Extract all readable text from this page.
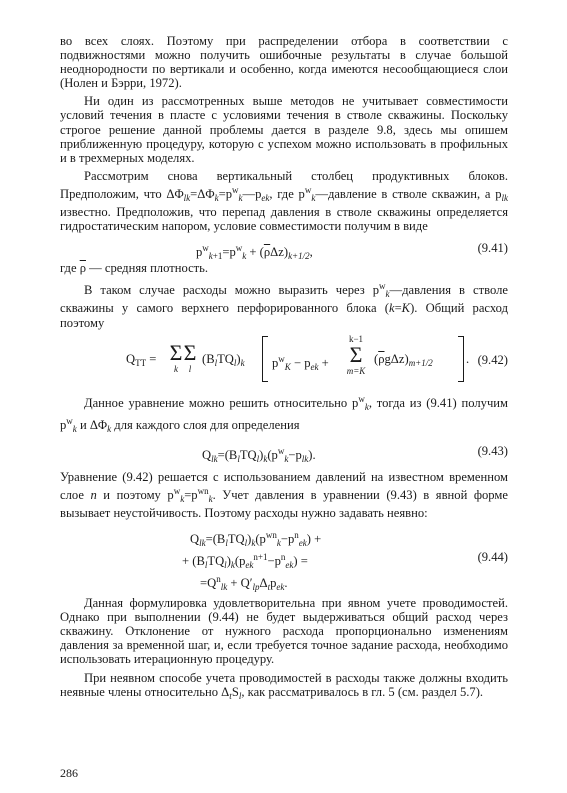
во всех слоях. Поэтому при распределении отбора в соответствии с подвижностями можно получить ошибочные результаты в случае большой неоднородности по вертикали и особенно, когда имеются несообщающиеся слои (Нолен и Бэрри, 1972).

Ни один из рассмотренных выше методов не учитывает совместимости условий течения в пласте с условиями течения в стволе скважины. Поскольку строгое решение данной проблемы дается в разделе 9.8, здесь мы опишем приближенную процедуру, которую с успехом можно использовать в профильных и в трехмерных моделях.

Рассмотрим снова вертикальный столбец продуктивных блоков. Предположим, что $\Delta\Phi_{lk}=\Delta\Phi_k=p^w_k—p_{ek}$, где $p^w_k—давление$ в стволе скважин, а $p_{lk}$ известно. Предположив, что перепад давления в стволе скважины определяется гидростатическим напором, условие совместимости получим в виде

$p^w_{k+1}=p^w_k + (\overline{\rho}\Delta z)_{k+1/2}$,	(9.41)

где $\overline{\rho}$ — средняя плотность.

В таком случае расходы можно выразить через $p^w_k—давления$ в стволе скважины у самого верхнего перфорированного блока (k=K). Общий расход поэтому

$Q_{TT} = \Sigma$
k
Σ
l
$(B_lTQ_l)_k$ $p^w_K - p_{ek}$ +
k−1
Σ
m=K
$(\overline{\rho}g\Delta z)_{m+1/2}$	. (9.42)

Данное уравнение можно решить относительно $p^w_k$, тогда из (9.41) получим $p^w_k$ и $\Delta\Phi_k$ для каждого слоя для определения

$Q_{lk}=(B_lTQ_l)_k(p^w_k-p_{lk})$.	(9.43)

Уравнение (9.42) решается с использованием давлений на известном временном слое n и поэтому $p^w_k=p^{wn}_k$. Учет давления в уравнении (9.43) в явной форме вызывает неустойчивость. Поэтому расходы нужно задавать неявно:

$Q_{lk}=(B_lTQ_l)_k(p^{wn}_k-p^n_{ek})$ +
+ $(B_lTQ_l)_k(p_{ek}^{n+1}-p^n_{ek})$ =
$=Q^n_{lk} + Q'_{lp}\Delta_tp_{ek}$.
(9.44)

Данная формулировка удовлетворительна при явном учете проводимостей. Однако при выполнении (9.44) не будет выдерживаться общий расход через скважину. Отклонение от нужного расхода пропорционально изменениям давления за временной шаг, и, если требуется точное задание расхода, необходимо использовать итерационную процедуру.

При неявном способе учета проводимостей в расходы также должны входить неявные члены относительно $\Delta_tS_l$, как рассматривалось в гл. 5 (см. раздел 5.7).

286
